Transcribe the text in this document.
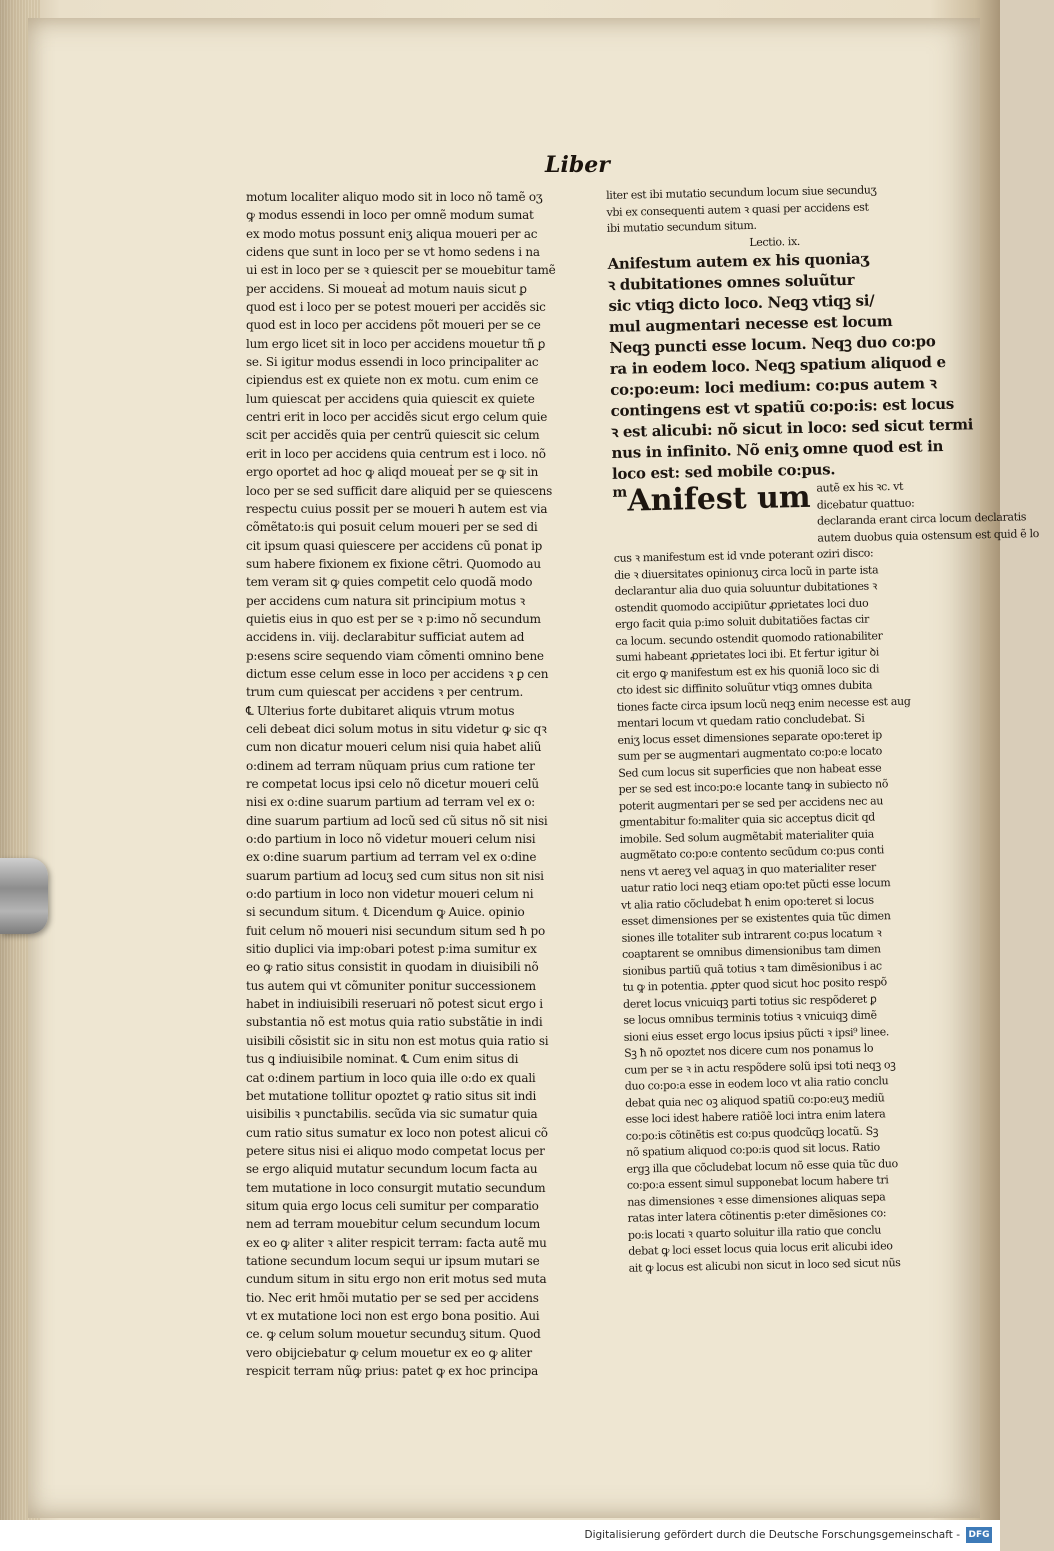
Liber
motum localiter aliquo modo sit in loco nõ tamẽ oʒ
ꝙ modus essendi in loco per omnẽ modum sumat
ex modo motus possunt eniʒ aliqua moueri per ac
cidens que sunt in loco per se vt homo sedens i na
ui est in loco per se ꝛ quiescit per se mouebitur tamẽ
per accidens. Si moueaṫ ad motum nauis sicut ꝑ
quod est i loco per se potest moueri per accidẽs sic
quod est in loco per accidens põt moueri per se ce
lum ergo licet sit in loco per accidens mouetur tñ ꝑ
se. Si igitur modus essendi in loco principaliter ac
cipiendus est ex quiete non ex motu. cum enim ce
lum quiescat per accidens quia quiescit ex quiete
centri erit in loco per accidẽs sicut ergo celum quie
scit per accidẽs quia per centrũ quiescit sic celum
erit in loco per accidens quia centrum est i loco. nõ
ergo oportet ad hoc ꝙ aliqd moueaṫ per se ꝙ sit in
loco per se sed sufficit dare aliquid per se quiescens
respectu cuius possit per se moueri ħ autem est via
cõmẽtato:is qui posuit celum moueri per se sed di
cit ipsum quasi quiescere per accidens cũ ponat ip
sum habere fixionem ex fixione cẽtri. Quomodo au
tem veram sit ꝙ quies competit celo quodã modo
per accidens cum natura sit principium motus ꝛ
quietis eius in quo est per se ꝛ p:imo nõ secundum
accidens in. viij. declarabitur sufficiat autem ad
p:esens scire sequendo viam cõmenti omnino bene
dictum esse celum esse in loco per accidens ꝛ ꝑ cen
trum cum quiescat per accidens ꝛ per centrum.
℄ Ulterius forte dubitaret aliquis vtrum motus
celi debeat dici solum motus in situ videtur ꝙ sic qꝛ
cum non dicatur moueri celum nisi quia habet aliũ
o:dinem ad terram nũquam prius cum ratione ter
re competat locus ipsi celo nõ dicetur moueri celũ
nisi ex o:dine suarum partium ad terram vel ex o:
dine suarum partium ad locũ sed cũ situs nõ sit nisi
o:do partium in loco nõ videtur moueri celum nisi
ex o:dine suarum partium ad terram vel ex o:dine
suarum partium ad locuʒ sed cum situs non sit nisi
o:do partium in loco non videtur moueri celum ni
si secundum situm. ℄ Dicendum ꝙ Auice. opinio
fuit celum nõ moueri nisi secundum situm sed ħ po
sitio duplici via imp:obari potest p:ima sumitur ex
eo ꝙ ratio situs consistit in quodam in diuisibili nõ
tus autem qui vt cõmuniter ponitur successionem
habet in indiuisibili reseruari nõ potest sicut ergo i
substantia nõ est motus quia ratio substãtie in indi
uisibili cõsistit sic in situ non est motus quia ratio si
tus ꝗ indiuisibile nominat. ℄ Cum enim situs di
cat o:dinem partium in loco quia ille o:do ex quali
bet mutatione tollitur opoztet ꝙ ratio situs sit indi
uisibilis ꝛ punctabilis. secũda via sic sumatur quia
cum ratio situs sumatur ex loco non potest alicui cõ
petere situs nisi ei aliquo modo competat locus per
se ergo aliquid mutatur secundum locum facta au
tem mutatione in loco consurgit mutatio secundum
situm quia ergo locus celi sumitur per comparatio
nem ad terram mouebitur celum secundum locum
ex eo ꝙ aliter ꝛ aliter respicit terram: facta autẽ mu
tatione secundum locum sequi ur ipsum mutari se
cundum situm in situ ergo non erit motus sed muta
tio. Nec erit hmõi mutatio per se sed per accidens
vt ex mutatione loci non est ergo bona positio. Aui
ce. ꝙ celum solum mouetur secunduʒ situm. Quod
vero obijciebatur ꝙ celum mouetur ex eo ꝙ aliter
respicit terram nũꝙ prius: patet ꝙ ex hoc principa
liter est ibi mutatio secundum locum siue secunduʒ
vbi ex consequenti autem ꝛ quasi per accidens est
ibi mutatio secundum situm.
Lectio. ix.
Anifestum autem ex his quoniaʒ
ꝛ dubitationes omnes soluũtur
sic vtiqꝫ dicto loco. Neqꝫ vtiqꝫ si/
mul augmentari necesse est locum
Neqꝫ puncti esse locum. Neqꝫ duo co:po
ra in eodem loco. Neqꝫ spatium aliquod e
co:po:eum: loci medium: co:pus autem ꝛ
contingens est vt spatiũ co:po:is: est locus
ꝛ est alicubi: nõ sicut in loco: sed sicut termi
nus in infinito. Nõ eniʒ omne quod est in
loco est: sed mobile co:pus.
m Anifest um autẽ ex his ꝛc. vt
dicebatur quattuo:
declaranda erant circa locum declaratis
autem duobus quia ostensum est quid ẽ lo
cus ꝛ manifestum est id vnde poterant oziri disco:
die ꝛ diuersitates opinionuʒ circa locũ in parte ista
declarantur alia duo quia soluuntur dubitationes ꝛ
ostendit quomodo accipiũtur ꝓprietates loci duo
ergo facit quia p:imo soluit dubitatiões factas cir
ca locum. secundo ostendit quomodo rationabiliter
sumi habeant ꝓprietates loci ibi. Et fertur igitur ꝺi
cit ergo ꝙ manifestum est ex his quoniã loco sic di
cto idest sic diffinito soluũtur vtiqꝫ omnes dubita
tiones facte circa ipsum locũ neqꝫ enim necesse est aug
mentari locum vt quedam ratio concludebat. Si
eniʒ locus esset dimensiones separate opo:teret ip
sum per se augmentari augmentato co:po:e locato
Sed cum locus sit superficies que non habeat esse
per se sed est inco:po:e locante tanꝙ in subiecto nõ
poterit augmentari per se sed per accidens nec au
gmentabitur fo:maliter quia sic acceptus dicit qd
imobile. Sed solum augmẽtabiṫ materialiter quia
augmẽtato co:po:e contento secũdum co:pus conti
nens vt aereʒ vel aquaʒ in quo materialiter reser
uatur ratio loci neqꝫ etiam opo:tet pũcti esse locum
vt alia ratio cõcludebat ħ enim opo:teret si locus
esset dimensiones per se existentes quia tũc dimen
siones ille totaliter sub intrarent co:pus locatum ꝛ
coaptarent se omnibus dimensionibus tam dimen
sionibus partiũ quã totius ꝛ tam dimẽsionibus i ac
tu ꝙ in potentia. ꝓpter quod sicut hoc posito respõ
deret locus vnicuiqꝫ parti totius sic respõderet ꝑ
se locus omnibus terminis totius ꝛ vnicuiqꝫ dimẽ
sioni eius esset ergo locus ipsius pũcti ꝛ ipsi⁹ linee.
Sꝫ ħ nõ opoztet nos dicere cum nos ponamus lo
cum per se ꝛ in actu respõdere solũ ipsi toti neqꝫ oꝫ
duo co:po:a esse in eodem loco vt alia ratio conclu
debat quia nec oꝫ aliquod spatiũ co:po:euʒ mediũ
esse loci idest habere ratiõẽ loci intra enim latera
co:po:is cõtinẽtis est co:pus quodcũqꝫ locatũ. Sꝫ
nõ spatium aliquod co:po:is quod sit locus. Ratio
ergꝫ illa que cõcludebat locum nõ esse quia tũc duo
co:po:a essent simul supponebat locum habere tri
nas dimensiones ꝛ esse dimensiones aliquas sepa
ratas inter latera cõtinentis p:eter dimẽsiones co:
po:is locati ꝛ quarto soluitur illa ratio que conclu
debat ꝙ loci esset locus quia locus erit alicubi ideo
ait ꝙ locus est alicubi non sicut in loco sed sicut nũs
Digitalisierung gefördert durch die Deutsche Forschungsgemeinschaft - DFG
